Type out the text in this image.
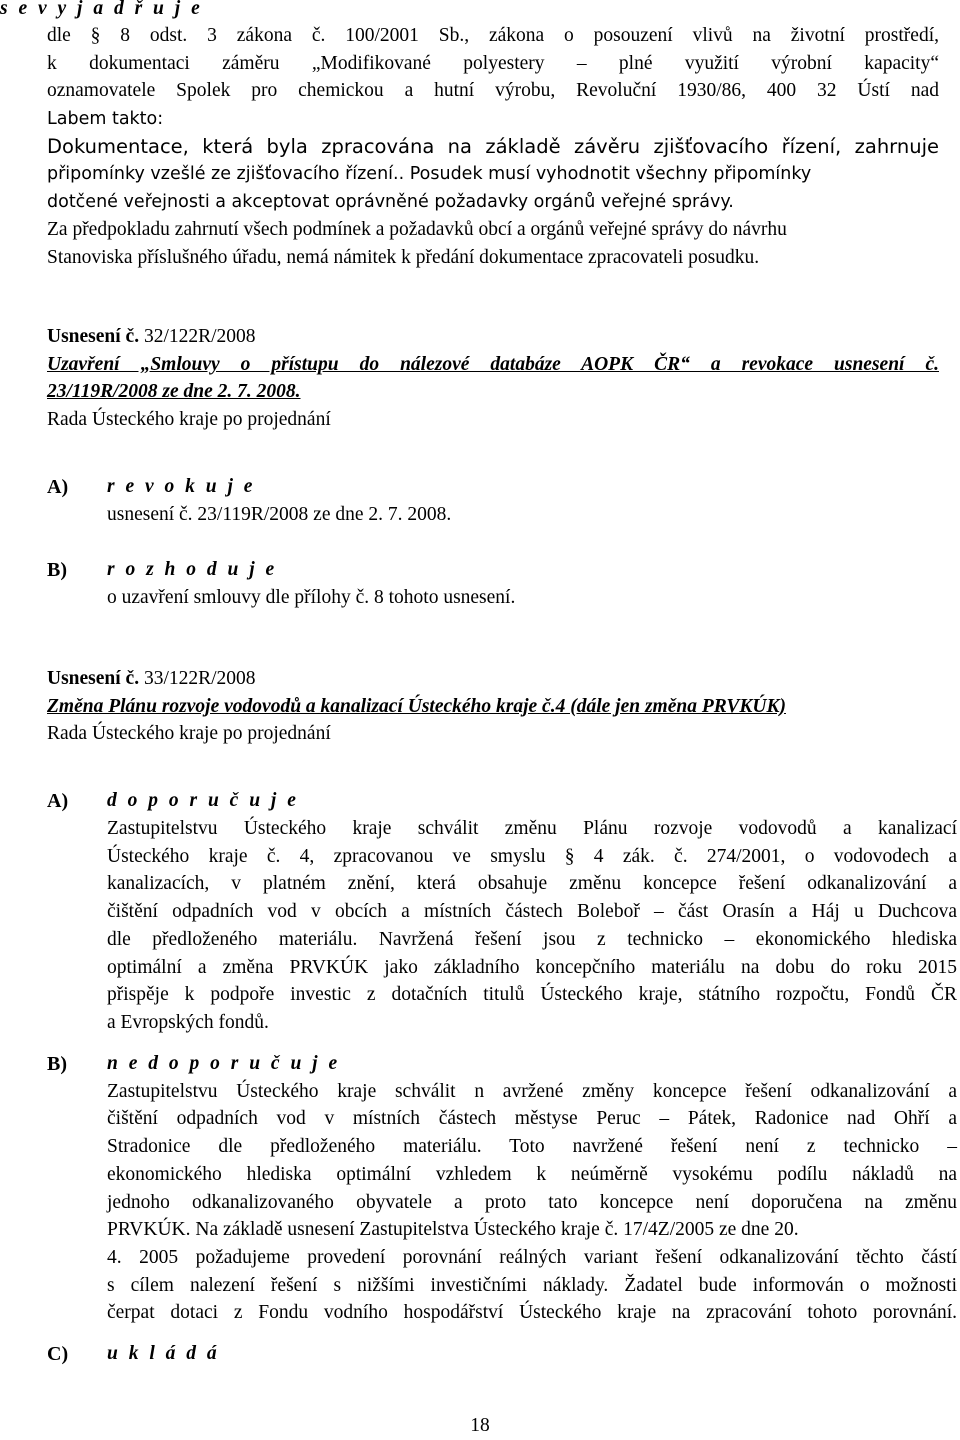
s e v y j a d ř u j e
dle § 8 odst. 3 zákona č. 100/2001 Sb., zákona o posouzení vlivů na životní prostředí,
k dokumentaci záměru „Modifikované polyestery – plné využití výrobní kapacity“
oznamovatele Spolek pro chemickou a hutní výrobu, Revoluční 1930/86, 400 32 Ústí nad
Labem takto:
Dokumentace, která byla zpracována na základě závěru zjišťovacího řízení, zahrnuje
připomínky vzešlé ze zjišťovacího řízení.. Posudek musí vyhodnotit všechny připomínky
dotčené veřejnosti a akceptovat oprávněné požadavky orgánů veřejné správy.
Za předpokladu zahrnutí všech podmínek a požadavků obcí a orgánů veřejné správy do návrhu
Stanoviska příslušného úřadu, nemá námitek k předání dokumentace zpracovateli posudku.
Usnesení č. 32/122R/2008
Uzavření „Smlouvy o přístupu do nálezové databáze AOPK ČR“ a revokace usnesení č.
23/119R/2008 ze dne 2. 7. 2008.
Rada Ústeckého kraje po projednání
A) r e v o k u j e
usnesení č. 23/119R/2008 ze dne 2. 7. 2008.
B) r o z h o d u j e
o uzavření smlouvy dle přílohy č. 8 tohoto usnesení.
Usnesení č. 33/122R/2008
Změna Plánu rozvoje vodovodů a kanalizací Ústeckého kraje č.4 (dále jen změna PRVKÚK)
Rada Ústeckého kraje po projednání
A) d o p o r u č u j e
Zastupitelstvu Ústeckého kraje schválit změnu Plánu rozvoje vodovodů a kanalizací
Ústeckého kraje č. 4, zpracovanou ve smyslu § 4 zák. č. 274/2001, o vodovodech a
kanalizacích, v platném znění, která obsahuje změnu koncepce řešení odkanalizování a
čištění odpadních vod v obcích a místních částech Boleboř – část Orasín a Háj u Duchcova
dle předloženého materiálu. Navržená řešení jsou z technicko – ekonomického hlediska
optimální a změna PRVKÚK jako základního koncepčního materiálu na dobu do roku 2015
přispěje k podpoře investic z dotačních titulů Ústeckého kraje, státního rozpočtu, Fondů ČR
a Evropských fondů.
B) n e d o p o r u č u j e
Zastupitelstvu Ústeckého kraje schválit n avržené změny koncepce řešení odkanalizování a
čištění odpadních vod v místních částech městyse Peruc – Pátek, Radonice nad Ohří a
Stradonice dle předloženého materiálu. Toto navržené řešení není z technicko –
ekonomického hlediska optimální vzhledem k neúměrně vysokému podílu nákladů na
jednoho odkanalizovaného obyvatele a proto tato koncepce není doporučena na změnu
PRVKÚK. Na základě usnesení Zastupitelstva Ústeckého kraje č. 17/4Z/2005 ze dne 20.
4. 2005 požadujeme provedení porovnání reálných variant řešení odkanalizování těchto částí
s cílem nalezení řešení s nižšími investičními náklady. Žadatel bude informován o možnosti
čerpat dotaci z Fondu vodního hospodářství Ústeckého kraje na zpracování tohoto porovnání.
C) u k l á d á
18
